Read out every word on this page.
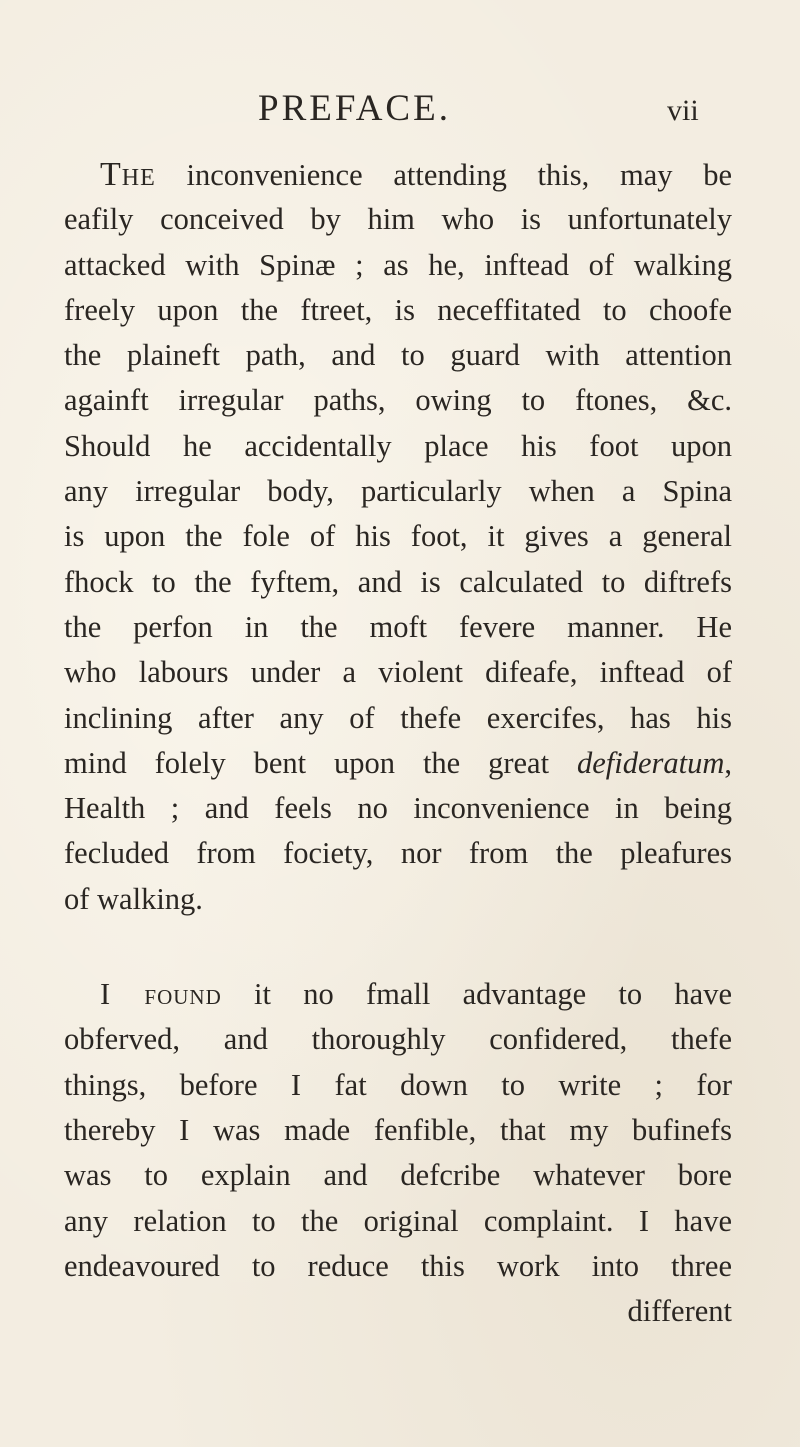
PREFACE.	vii
The inconvenience attending this, may be
eafily conceived by him who is unfortunately
attacked with Spinæ ; as he, inftead of walking
freely upon the ftreet, is neceffitated to choofe
the plaineft path, and to guard with attention
againft irregular paths, owing to ftones, &c.
Should he accidentally place his foot upon
any irregular body, particularly when a Spina
is upon the fole of his foot, it gives a general
fhock to the fyftem, and is calculated to diftrefs
the perfon in the moft fevere manner. He
who labours under a violent difeafe, inftead of
inclining after any of thefe exercifes, has his
mind folely bent upon the great defideratum,
Health ; and feels no inconvenience in being
fecluded from fociety, nor from the pleafures
of walking.
I found it no fmall advantage to have
obferved, and thoroughly confidered, thefe
things, before I fat down to write ; for
thereby I was made fenfible, that my bufinefs
was to explain and defcribe whatever bore
any relation to the original complaint. I have
endeavoured to reduce this work into three
different
